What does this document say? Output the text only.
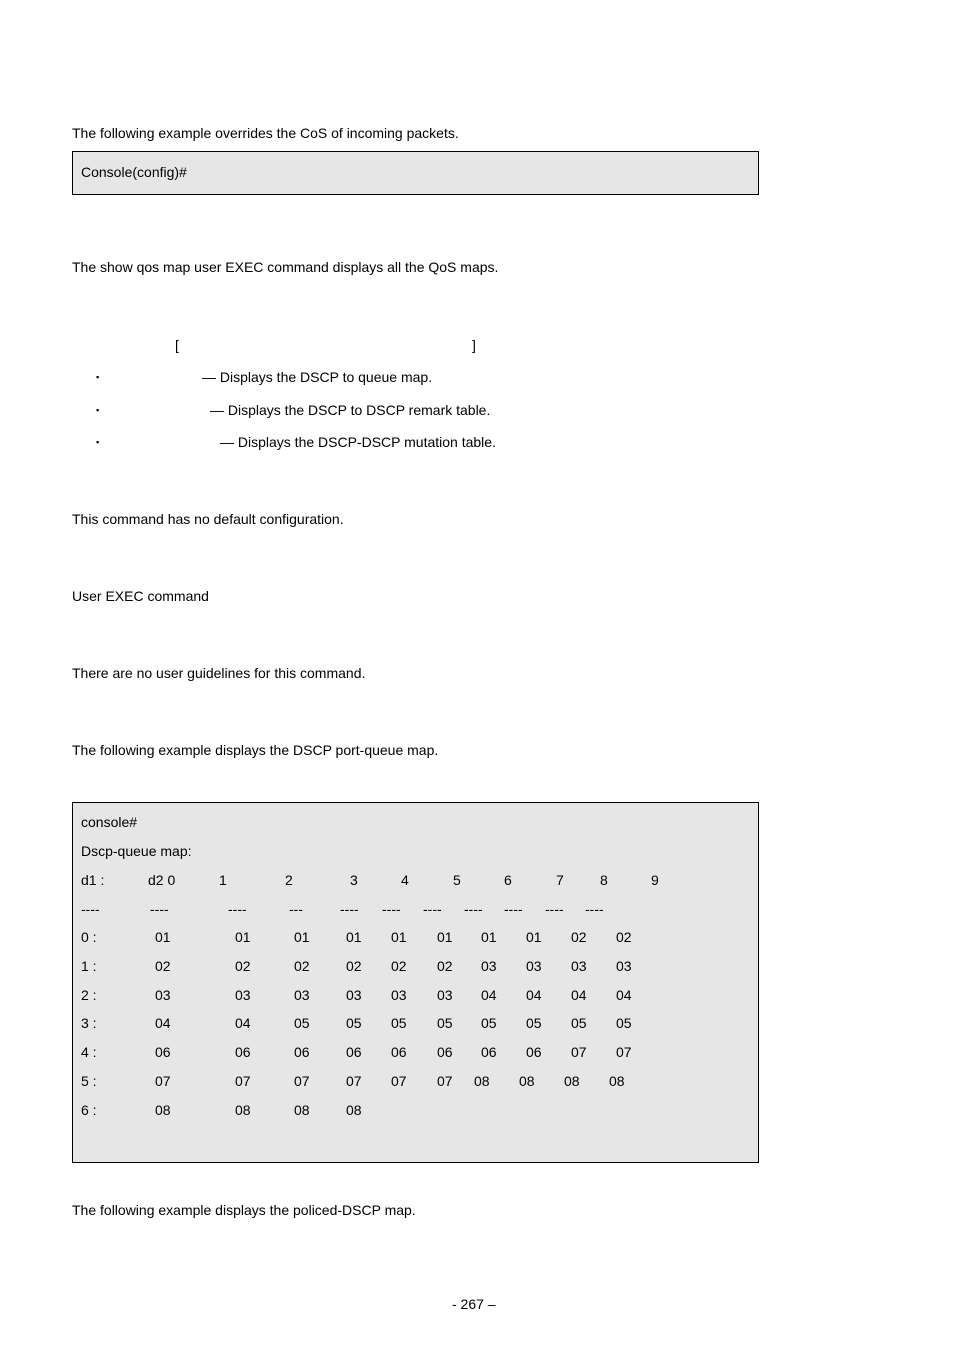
The following example overrides the CoS of incoming packets.
Console(config)#
The show qos map user EXEC command displays all the QoS maps.
[	]
▪	— Displays the DSCP to queue map.
▪	— Displays the DSCP to DSCP remark table.
▪	— Displays the DSCP-DSCP mutation table.
This command has no default configuration.
User EXEC command
There are no user guidelines for this command.
The following example displays the DSCP port-queue map.
console#
Dscp-queue map:
d1 :	d2 0	1	2	3	4	5	6	7	8	9
----	----	----	---	---- ---- ---- ---- ---- ---- ----
0 :	01	01	01	01 01 01 01 01 02 02
1 :	02	02	02	02 02 02 03 03 03 03
2 :	03	03	03	03 03 03 04 04 04 04
3 :	04	04	05	05 05 05 05 05 05 05
4 :	06	06	06	06 06 06 06 06 07 07
5 :	07	07	07	07 07 07 08 08 08 08
6 :	08	08	08	08
The following example displays the policed-DSCP map.
- 267 –
